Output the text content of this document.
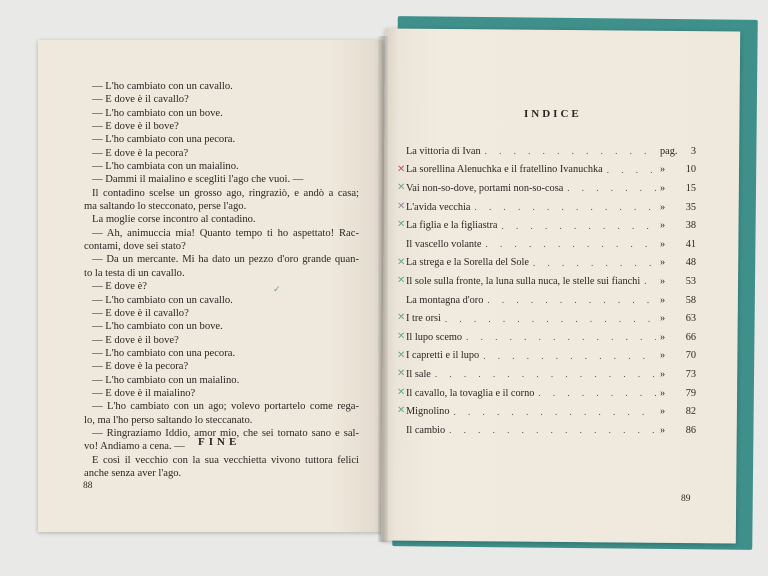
— L'ho cambiato con un cavallo.
— E dove è il cavallo?
— L'ho cambiato con un bove.
— E dove è il bove?
— L'ho cambiato con una pecora.
— E dove è la pecora?
— L'ho cambiata con un maialino.
— Dammi il maialino e scegliti l'ago che vuoi. —
Il contadino scelse un grosso ago, ringraziò, e andò a casa;
ma saltando lo stecconato, perse l'ago.
La moglie corse incontro al contadino.
— Ah, animuccia mia! Quanto tempo ti ho aspettato! Rac-
contami, dove sei stato?
— Da un mercante. Mi ha dato un pezzo d'oro grande quan-
to la testa di un cavallo.
— E dove è?
— L'ho cambiato con un cavallo.
— E dove è il cavallo?
— L'ho cambiato con un bove.
— E dove è il bove?
— L'ho cambiato con una pecora.
— E dove è la pecora?
— L'ho cambiato con un maialino.
— E dove è il maialino?
— L'ho cambiato con un ago; volevo portartelo come rega-
lo, ma l'ho perso saltando lo steccanato.
— Ringraziamo Iddio, amor mio, che sei tornato sano e sal-
vo! Andiamo a cena. —
E così il vecchio con la sua vecchietta vivono tuttora felici
anche senza aver l'ago.
FINE
88
INDICE
La vittoria di Ivan . . .	pag.	3
✕ La sorellina Alenuchka e il fratellino Ivanuchka . . .	»	10
✕ Vai non-so-dove, portami non-so-cosa . . .	»	15
✕ L'avida vecchia . . .	»	35
✕ La figlia e la figliastra . . .	»	38
Il vascello volante . . .	»	41
✕ La strega e la Sorella del Sole . . .	»	48
✕ Il sole sulla fronte, la luna sulla nuca, le stelle sui fianchi . . . »	53
La montagna d'oro . . .	»	58
✕ I tre orsi . . .	»	63
✕ Il lupo scemo . . .	»	66
✕ I capretti e il lupo . . .	»	70
✕ Il sale . . .	»	73
✕ Il cavallo, la tovaglia e il corno . . .	»	79
✕ Mignolino . . .	»	82
Il cambio . . .	»	86
✓
89
